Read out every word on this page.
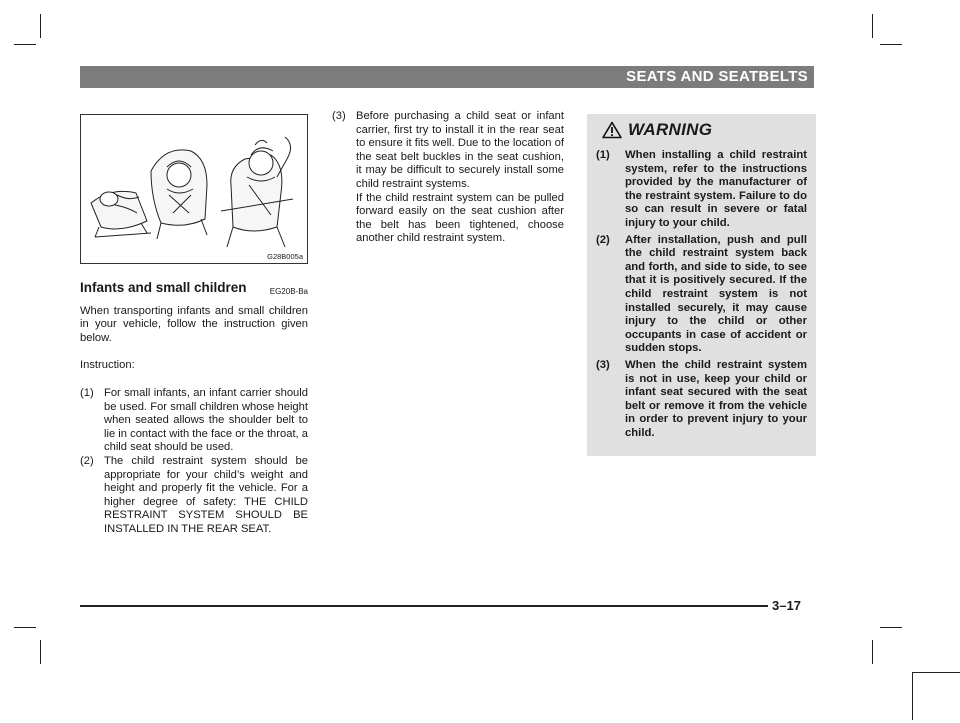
SEATS AND SEATBELTS
G28B005a
Infants and small children	EG20B-Ba

When transporting infants and small children in your vehicle, follow the instruction given below.

Instruction:

(1) For small infants, an infant carrier should be used. For small children whose height when seated allows the shoulder belt to lie in contact with the face or the throat, a child seat should be used.
(2) The child restraint system should be appropriate for your child’s weight and height and properly fit the vehicle. For a higher degree of safety: THE CHILD RESTRAINT SYSTEM SHOULD BE INSTALLED IN THE REAR SEAT.
(3) Before purchasing a child seat or infant carrier, first try to install it in the rear seat to ensure it fits well. Due to the location of the seat belt buckles in the seat cushion, it may be difficult to securely install some child restraint systems.
If the child restraint system can be pulled forward easily on the seat cushion after the belt has been tightened, choose another child restraint system.
WARNING
(1)	When installing a child restraint system, refer to the instructions provided by the manufacturer of the restraint system. Failure to do so can result in severe or fatal injury to your child.
(2)	After installation, push and pull the child restraint system back and forth, and side to side, to see that it is positively secured. If the child restraint system is not installed securely, it may cause injury to the child or other occupants in case of accident or sudden stops.
(3)	When the child restraint system is not in use, keep your child or infant seat secured with the seat belt or remove it from the vehicle in order to prevent injury to your child.
3–17
